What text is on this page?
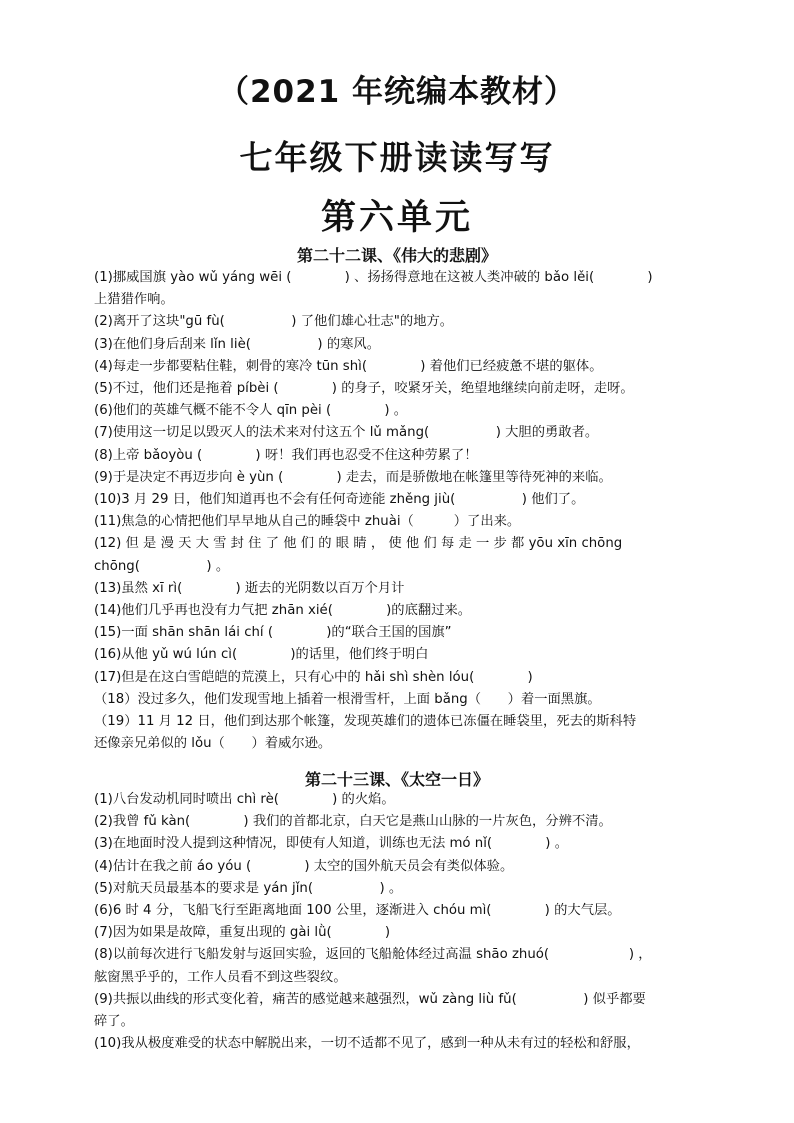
（2021 年统编本教材）
七年级下册读读写写
第六单元
第二十二课、《伟大的悲剧》
(1)挪威国旗 yào wǔ yáng wēi (　　　　) 、扬扬得意地在这被人类冲破的 bǎo lěi(　　　　)
上猎猎作响。
(2)离开了这块"gū fù(　　　　　) 了他们雄心壮志"的地方。
(3)在他们身后刮来 lǐn liè(　　　　　) 的寒风。
(4)每走一步都要粘住鞋，刺骨的寒冷 tūn shì(　　　　) 着他们已经疲惫不堪的躯体。
(5)不过，他们还是拖着 píbèi (　　　　) 的身子，咬紧牙关，绝望地继续向前走呀，走呀。
(6)他们的英雄气概不能不令人 qīn pèi (　　　　) 。
(7)使用这一切足以毁灭人的法术来对付这五个 lǔ mǎng(　　　　　) 大胆的勇敢者。
(8)上帝 bǎoyòu (　　　　) 呀！我们再也忍受不住这种劳累了！
(9)于是决定不再迈步向 è yùn (　　　　) 走去，而是骄傲地在帐篷里等待死神的来临。
(10)3 月 29 日，他们知道再也不会有任何奇迹能 zhěng jiù(　　　　　) 他们了。
(11)焦急的心情把他们早早地从自己的睡袋中 zhuài（　　　）了出来。
(12) 但 是 漫 天 大 雪 封 住 了 他 们 的 眼 睛 ， 使 他 们 每 走 一 步 都 yōu xīn chōng
chōng(　　　　　) 。
(13)虽然 xī rì(　　　　) 逝去的光阴数以百万个月计
(14)他们几乎再也没有力气把 zhān xié(　　　　)的底翻过来。
(15)一面 shān shān lái chí (　　　　)的“联合王国的国旗”
(16)从他 yǔ wú lún cì(　　　　)的话里，他们终于明白
(17)但是在这白雪皑皑的荒漠上，只有心中的 hǎi shì shèn lóu(　　　　)
（18）没过多久，他们发现雪地上插着一根滑雪杆，上面 bǎng（　　）着一面黑旗。
（19）11 月 12 日，他们到达那个帐篷，发现英雄们的遗体已冻僵在睡袋里，死去的斯科特
还像亲兄弟似的 lǒu（　　）着威尔逊。
第二十三课、《太空一日》
(1)八台发动机同时喷出 chì rè(　　　　) 的火焰。
(2)我曾 fǔ kàn(　　　　) 我们的首都北京，白天它是燕山山脉的一片灰色，分辨不清。
(3)在地面时没人提到这种情况，即使有人知道，训练也无法 mó nǐ(　　　　) 。
(4)估计在我之前 áo yóu (　　　　) 太空的国外航天员会有类似体验。
(5)对航天员最基本的要求是 yán jǐn(　　　　　) 。
(6)6 时 4 分，飞船飞行至距离地面 100 公里，逐渐进入 chóu mì(　　　　) 的大气层。
(7)因为如果是故障，重复出现的 gài lǜ(　　　　)
(8)以前每次进行飞船发射与返回实验，返回的飞船舱体经过高温 shāo zhuó(　　　　　　) ，
舷窗黑乎乎的，工作人员看不到这些裂纹。
(9)共振以曲线的形式变化着，痛苦的感觉越来越强烈，wǔ zàng liù fǔ(　　　　　) 似乎都要
碎了。
(10)我从极度难受的状态中解脱出来，一切不适都不见了，感到一种从未有过的轻松和舒服，
